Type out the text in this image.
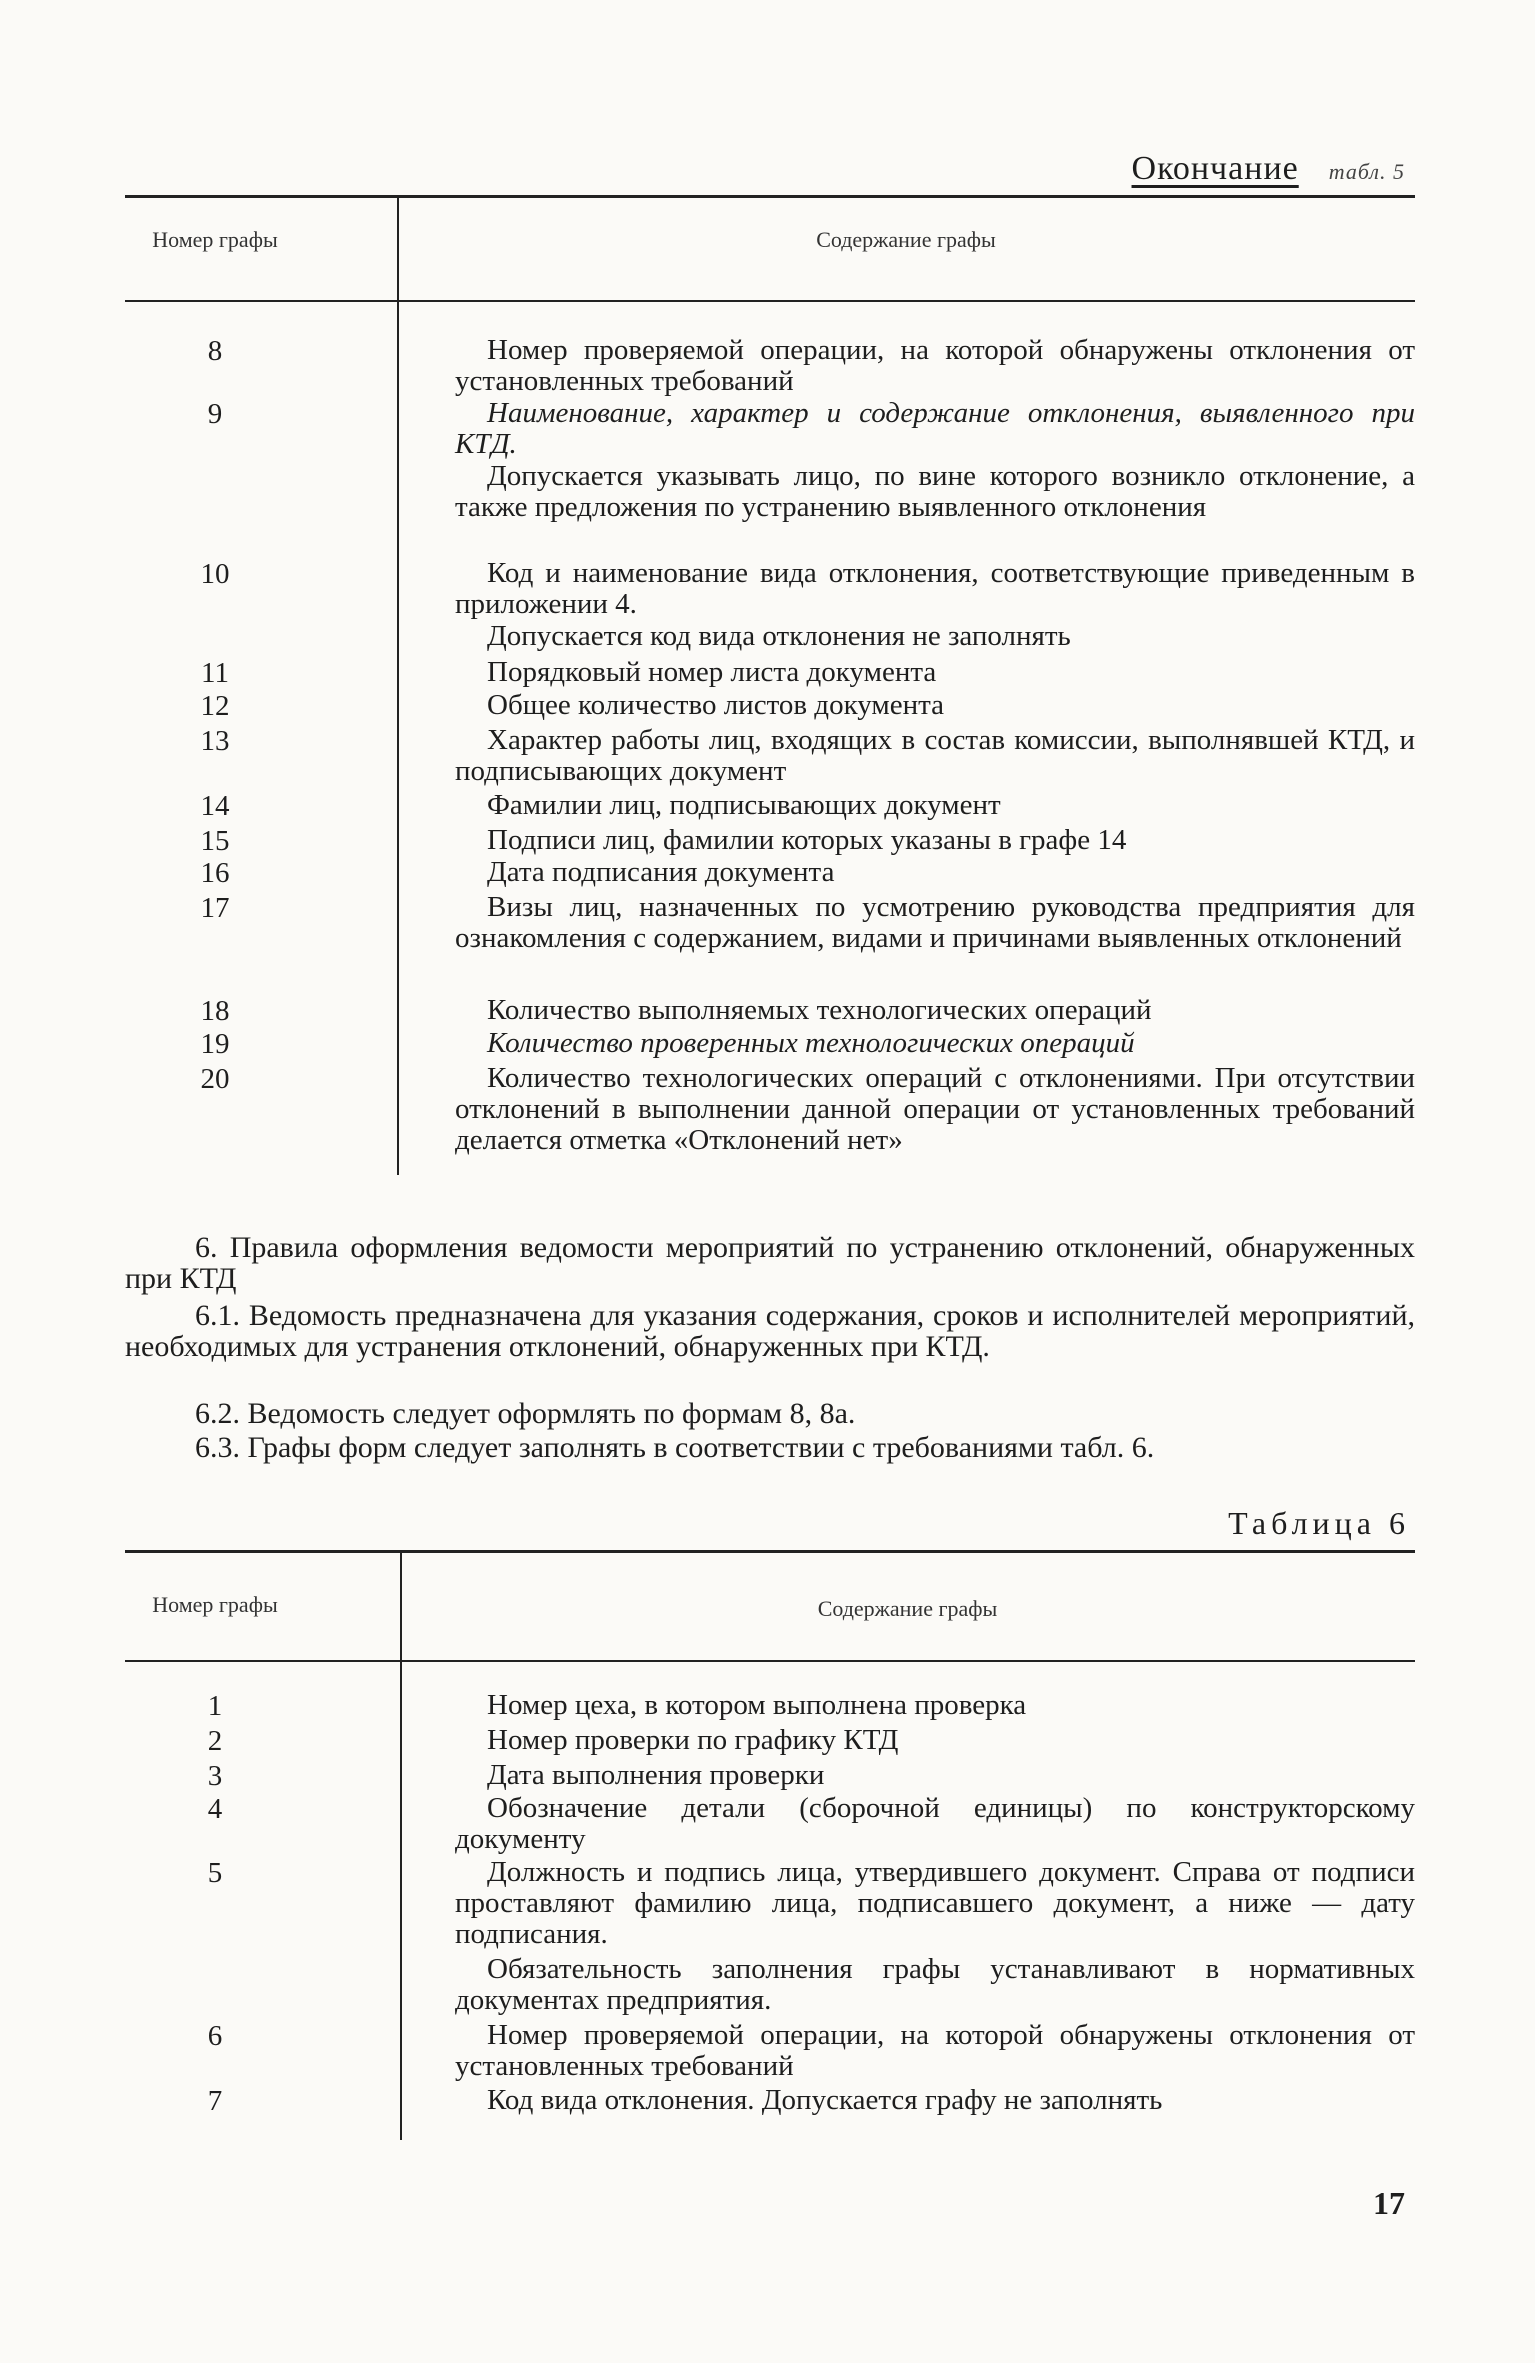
Окончание табл. 5
Номер графы	Содержание графы
8	Номер проверяемой операции, на которой обнаружены отклонения от установленных требований
9	Наименование, характер и содержание отклонения, выявленного при КТД.
Допускается указывать лицо, по вине которого возникло отклонение, а также предложения по устранению выявленного отклонения
10	Код и наименование вида отклонения, соответствующие приведенным в приложении 4.
Допускается код вида отклонения не заполнять
11	Порядковый номер листа документа
12	Общее количество листов документа
13	Характер работы лиц, входящих в состав комиссии, выполнявшей КТД, и подписывающих документ
14	Фамилии лиц, подписывающих документ
15	Подписи лиц, фамилии которых указаны в графе 14
16	Дата подписания документа
17	Визы лиц, назначенных по усмотрению руководства предприятия для ознакомления с содержанием, видами и причинами выявленных отклонений
18	Количество выполняемых технологических операций
19	Количество проверенных технологических операций
20	Количество технологических операций с отклонениями. При отсутствии отклонений в выполнении данной операции от установленных требований делается отметка «Отклонений нет»
6. Правила оформления ведомости мероприятий по устранению отклонений, обнаруженных при КТД
6.1. Ведомость предназначена для указания содержания, сроков и исполнителей мероприятий, необходимых для устранения отклонений, обнаруженных при КТД.
6.2. Ведомость следует оформлять по формам 8, 8а.
6.3. Графы форм следует заполнять в соответствии с требованиями табл. 6.
Таблица 6
Номер графы	Содержание графы
1	Номер цеха, в котором выполнена проверка
2	Номер проверки по графику КТД
3	Дата выполнения проверки
4	Обозначение детали (сборочной единицы) по конструкторскому документу
5	Должность и подпись лица, утвердившего документ. Справа от подписи проставляют фамилию лица, подписавшего документ, а ниже — дату подписания.
Обязательность заполнения графы устанавливают в нормативных документах предприятия.
6	Номер проверяемой операции, на которой обнаружены отклонения от установленных требований
7	Код вида отклонения. Допускается графу не заполнять
17
